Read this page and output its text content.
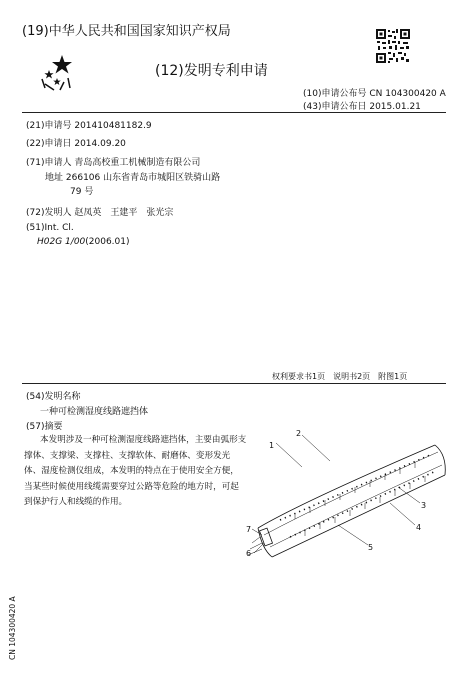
(19)中华人民共和国国家知识产权局
(12)发明专利申请
(10)申请公布号 CN 104300420 A
(43)申请公布日 2015.01.21
(21)申请号 201410481182.9
(22)申请日 2014.09.20
(71)申请人 青岛高校重工机械制造有限公司
地址 266106 山东省青岛市城阳区铁骑山路
79 号
(72)发明人 赵凤英　王建平　张光宗
(51)Int. Cl.
H02G 1/00(2006.01)
权利要求书1页　说明书2页　附图1页
(54)发明名称
一种可检测湿度线路遮挡体
(57)摘要
本发明涉及一种可检测湿度线路遮挡体，主要由弧形支撑体、支撑梁、支撑柱、支撑软体、耐磨体、变形发光体、湿度检测仪组成，本发明的特点在于使用安全方便，当某些时候使用线缆需要穿过公路等危险的地方时，可起到保护行人和线缆的作用。
1
2
3
4
5
6
7
CN 104300420 A
